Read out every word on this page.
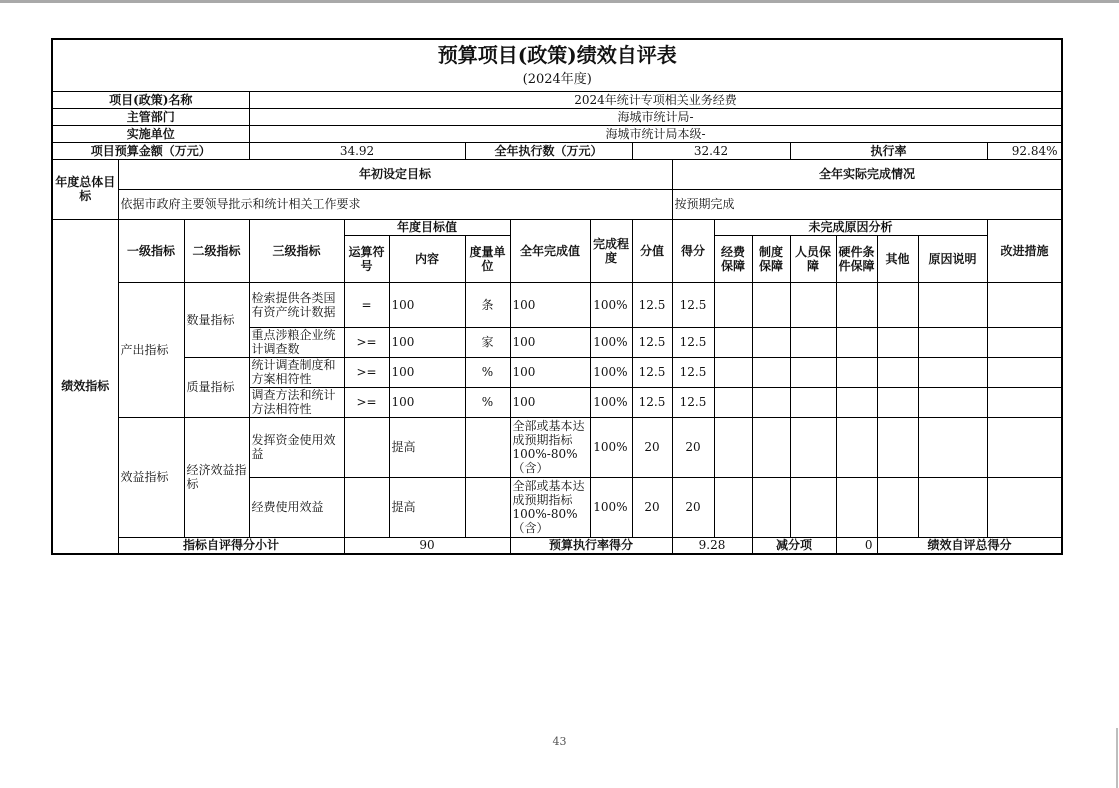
预算项目(政策)绩效自评表																		
(2024年度)																		
项目(政策)名称			2024年统计专项相关业务经费															
主管部门			海城市统计局-															
实施单位			海城市统计局本级-															
项目预算金额（万元）			34.92			全年执行数（万元）			32.42				执行率				92.84%	
年度总体目标	年初设定目标									全年实际完成情况								
	依据市政府主要领导批示和统计相关工作要求									按预期完成								
绩效指标	一级指标	二级指标	三级指标	年度目标值			全年完成值	完成程度	分值	得分	未完成原因分析						改进措施	
				运算符号	内容	度量单位					经费保障	制度保障	人员保障	硬件条件保障	其他	原因说明		
	产出指标	数量指标	检索提供各类国有资产统计数据	=	100	条	100	100%	12.5	12.5								
			重点涉粮企业统计调查数	>=	100	家	100	100%	12.5	12.5								
		质量指标	统计调查制度和方案相符性	>=	100	%	100	100%	12.5	12.5								
			调查方法和统计方法相符性	>=	100	%	100	100%	12.5	12.5								
	效益指标	经济效益指标	发挥资金使用效益		提高		全部或基本达成预期指标100%-80%（含）	100%	20	20								
			经费使用效益		提高		全部或基本达成预期指标100%-80%（含）	100%	20	20								
	指标自评得分小计			90			预算执行率得分			9.28		减分项		0	绩效自评总得分	
43
